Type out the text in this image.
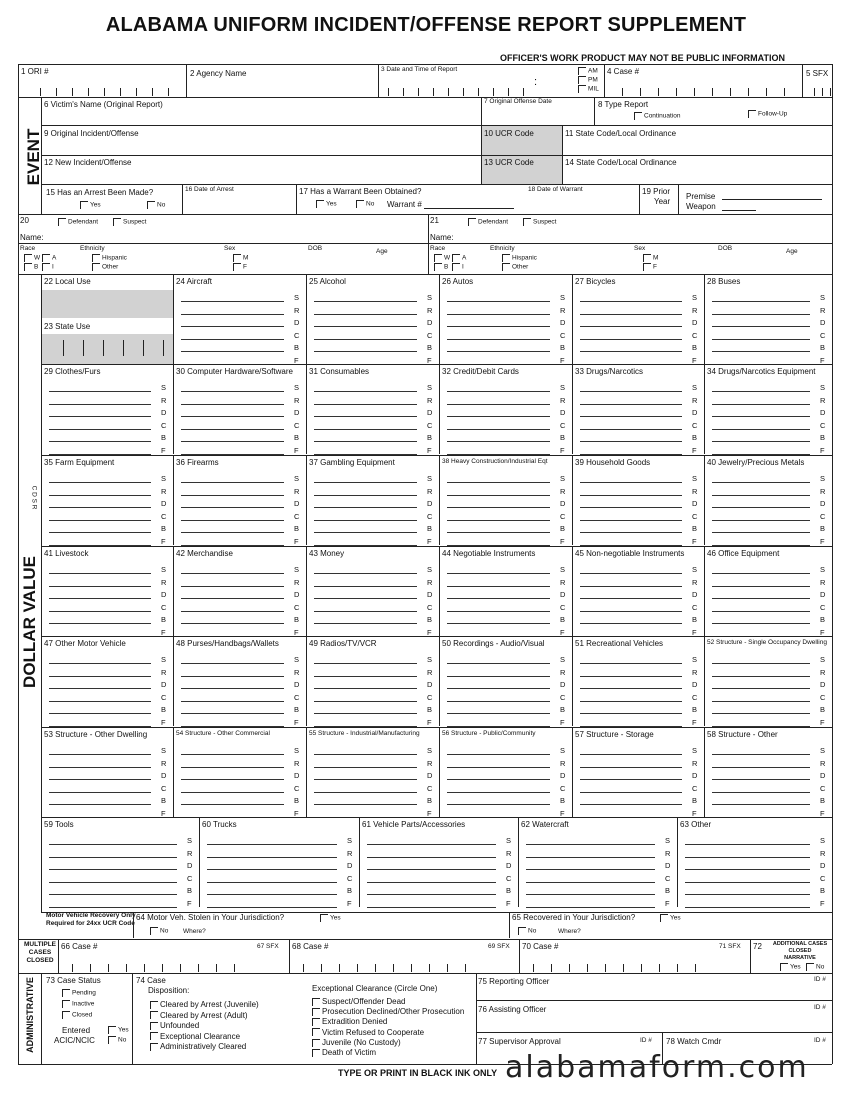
ALABAMA UNIFORM INCIDENT/OFFENSE REPORT SUPPLEMENT
OFFICER'S WORK PRODUCT MAY NOT BE PUBLIC INFORMATION
1 ORI #	2 Agency Name	3 Date and Time of Report
:
AM
PM
MIL
4 Case #	5 SFX
EVENT
6 Victim's Name (Original Report)	7 Original Offense Date	8 Type Report
Continuation	Follow-Up
9 Original Incident/Offense	10 UCR Code	11 State Code/Local Ordinance
12 New Incident/Offense	13 UCR Code	14 State Code/Local Ordinance
15 Has an Arrest Been Made?
Yes	No
16 Date of Arrest	17 Has a Warrant Been Obtained?
Yes	No Warrant #
18 Date of Warrant	19 Prior
Year
Premise
Weapon
20	Defendant	Suspect
Name:
Race
W	A
B	I
Ethnicity
Hispanic
Other
Sex
M
F
DOB	Age
21	Defendant	Suspect
Name:
Race
W	A
B	I
Ethnicity
Hispanic
Other
Sex
M
F
DOB	Age
DOLLAR VALUE
C D S R
24 Aircraft
S
R
D
C
B
F
25 Alcohol
S
R
D
C
B
F
26 Autos
S
R
D
C
B
F
27 Bicycles
S
R
D
C
B
F
28 Buses
S
R
D
C
B
F
29 Clothes/Furs
S
R
D
C
B
F
30 Computer Hardware/Software
S
R
D
C
B
F
31 Consumables
S
R
D
C
B
F
32 Credit/Debit Cards
S
R
D
C
B
F
33 Drugs/Narcotics
S
R
D
C
B
F
34 Drugs/Narcotics Equipment
S
R
D
C
B
F
35 Farm Equipment
S
R
D
C
B
F
36 Firearms
S
R
D
C
B
F
37 Gambling Equipment
S
R
D
C
B
F
38 Heavy Construction/Industrial Eqt
S
R
D
C
B
F
39 Household Goods
S
R
D
C
B
F
40 Jewelry/Precious Metals
S
R
D
C
B
F
41 Livestock
S
R
D
C
B
F
42 Merchandise
S
R
D
C
B
F
43 Money
S
R
D
C
B
F
44 Negotiable Instruments
S
R
D
C
B
F
45 Non-negotiable Instruments
S
R
D
C
B
F
46 Office Equipment
S
R
D
C
B
F
47 Other Motor Vehicle
S
R
D
C
B
F
48 Purses/Handbags/Wallets
S
R
D
C
B
F
49 Radios/TV/VCR
S
R
D
C
B
F
50 Recordings - Audio/Visual
S
R
D
C
B
F
51 Recreational Vehicles
S
R
D
C
B
F
52 Structure - Single Occupancy Dwelling
S
R
D
C
B
F
53 Structure - Other Dwelling
S
R
D
C
B
F
54 Structure - Other Commercial
S
R
D
C
B
F
55 Structure - Industrial/Manufacturing
S
R
D
C
B
F
56 Structure - Public/Community
S
R
D
C
B
F
57 Structure - Storage
S
R
D
C
B
F
58 Structure - Other
S
R
D
C
B
F
59 Tools
S
R
D
C
B
F
60 Trucks
S
R
D
C
B
F
61 Vehicle Parts/Accessories
S
R
D
C
B
F
62 Watercraft
S
R
D
C
B
F
63 Other
S
R
D
C
B
F
22 Local Use
23 State Use
Motor Vehicle Recovery Only Required for 24xx UCR Code
64 Motor Veh. Stolen in Your Jurisdiction?	Yes
No Where?
65 Recovered in Your Jurisdiction?	Yes
No	Where?
MULTIPLE CASES CLOSED
66 Case #	67 SFX 68 Case #	69 SFX 70 Case #	71 SFX 72 ADDITIONAL CASES CLOSED NARRATIVE
Yes	No
ADMINISTRATIVE 73 Case Status
Pending
Inactive
Closed
Entered
ACIC/NCIC
Yes
No
74 Case
Disposition:
Cleared by Arrest (Juvenile)
Cleared by Arrest (Adult)
Unfounded
Exceptional Clearance
Administratively Cleared
Exceptional Clearance (Circle One)
Suspect/Offender Dead
Prosecution Declined/Other Prosecution
Extradition Denied
Victim Refused to Cooperate
Juvenile (No Custody)
Death of Victim
75 Reporting Officer	ID #
76 Assisting Officer	ID #
77 Supervisor Approval	ID # 78 Watch Cmdr	ID #
TYPE OR PRINT IN BLACK INK ONLY alabamaform.com
